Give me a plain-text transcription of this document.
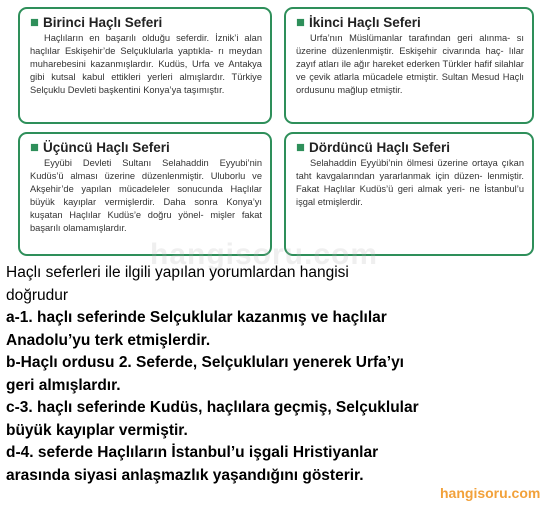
Birinci Haçlı Seferi

Haçlıların en başarılı olduğu seferdir. İznik’i alan haçlılar Eskişehir’de Selçuklularla yaptıkla- rı meydan muharebesini kazanmışlardır. Kudüs, Urfa ve Antakya gibi kutsal kabul ettikleri yerleri almışlardır. Türkiye Selçuklu Devleti başkentini Konya’ya taşımıştır.

İkinci Haçlı Seferi

Urfa’nın Müslümanlar tarafından geri alınma- sı üzerine düzenlenmiştir. Eskişehir civarında haç- lılar zayıf atları ile ağır hareket ederken Türkler hafif silahlar ve çevik atlarla mücadele etmiştir. Sultan Mesud Haçlı ordusunu mağlup etmiştir.

Üçüncü Haçlı Seferi

Eyyübi Devleti Sultanı Selahaddin Eyyubi’nin Kudüs’ü alması üzerine düzenlenmiştir. Uluborlu ve Akşehir’de yapılan mücadeleler sonucunda Haçlılar büyük kayıplar vermişlerdir. Daha sonra Konya’yı kuşatan Haçlılar Kudüs’e doğru yönel- mişler fakat başarılı olamamışlardır.

Dördüncü Haçlı Seferi

Selahaddin Eyyübi’nin ölmesi üzerine ortaya çıkan taht kavgalarından yararlanmak için düzen- lenmiştir. Fakat Haçlılar Kudüs’ü geri almak yeri- ne İstanbul’u işgal etmişlerdir.

hangisoru.com

Haçlı seferleri ile ilgili yapılan yorumlardan hangisi
doğrudur

a-1. haçlı seferinde Selçuklular kazanmış ve haçlılar
Anadolu’yu terk etmişlerdir.

b-Haçlı ordusu 2. Seferde, Selçukluları yenerek Urfa’yı
geri almışlardır.

c-3. haçlı seferinde Kudüs, haçlılara geçmiş, Selçuklular
büyük kayıplar vermiştir.

d-4. seferde Haçlıların İstanbul’u işgali Hristiyanlar
arasında siyasi anlaşmazlık yaşandığını gösterir.

hangisoru.com
